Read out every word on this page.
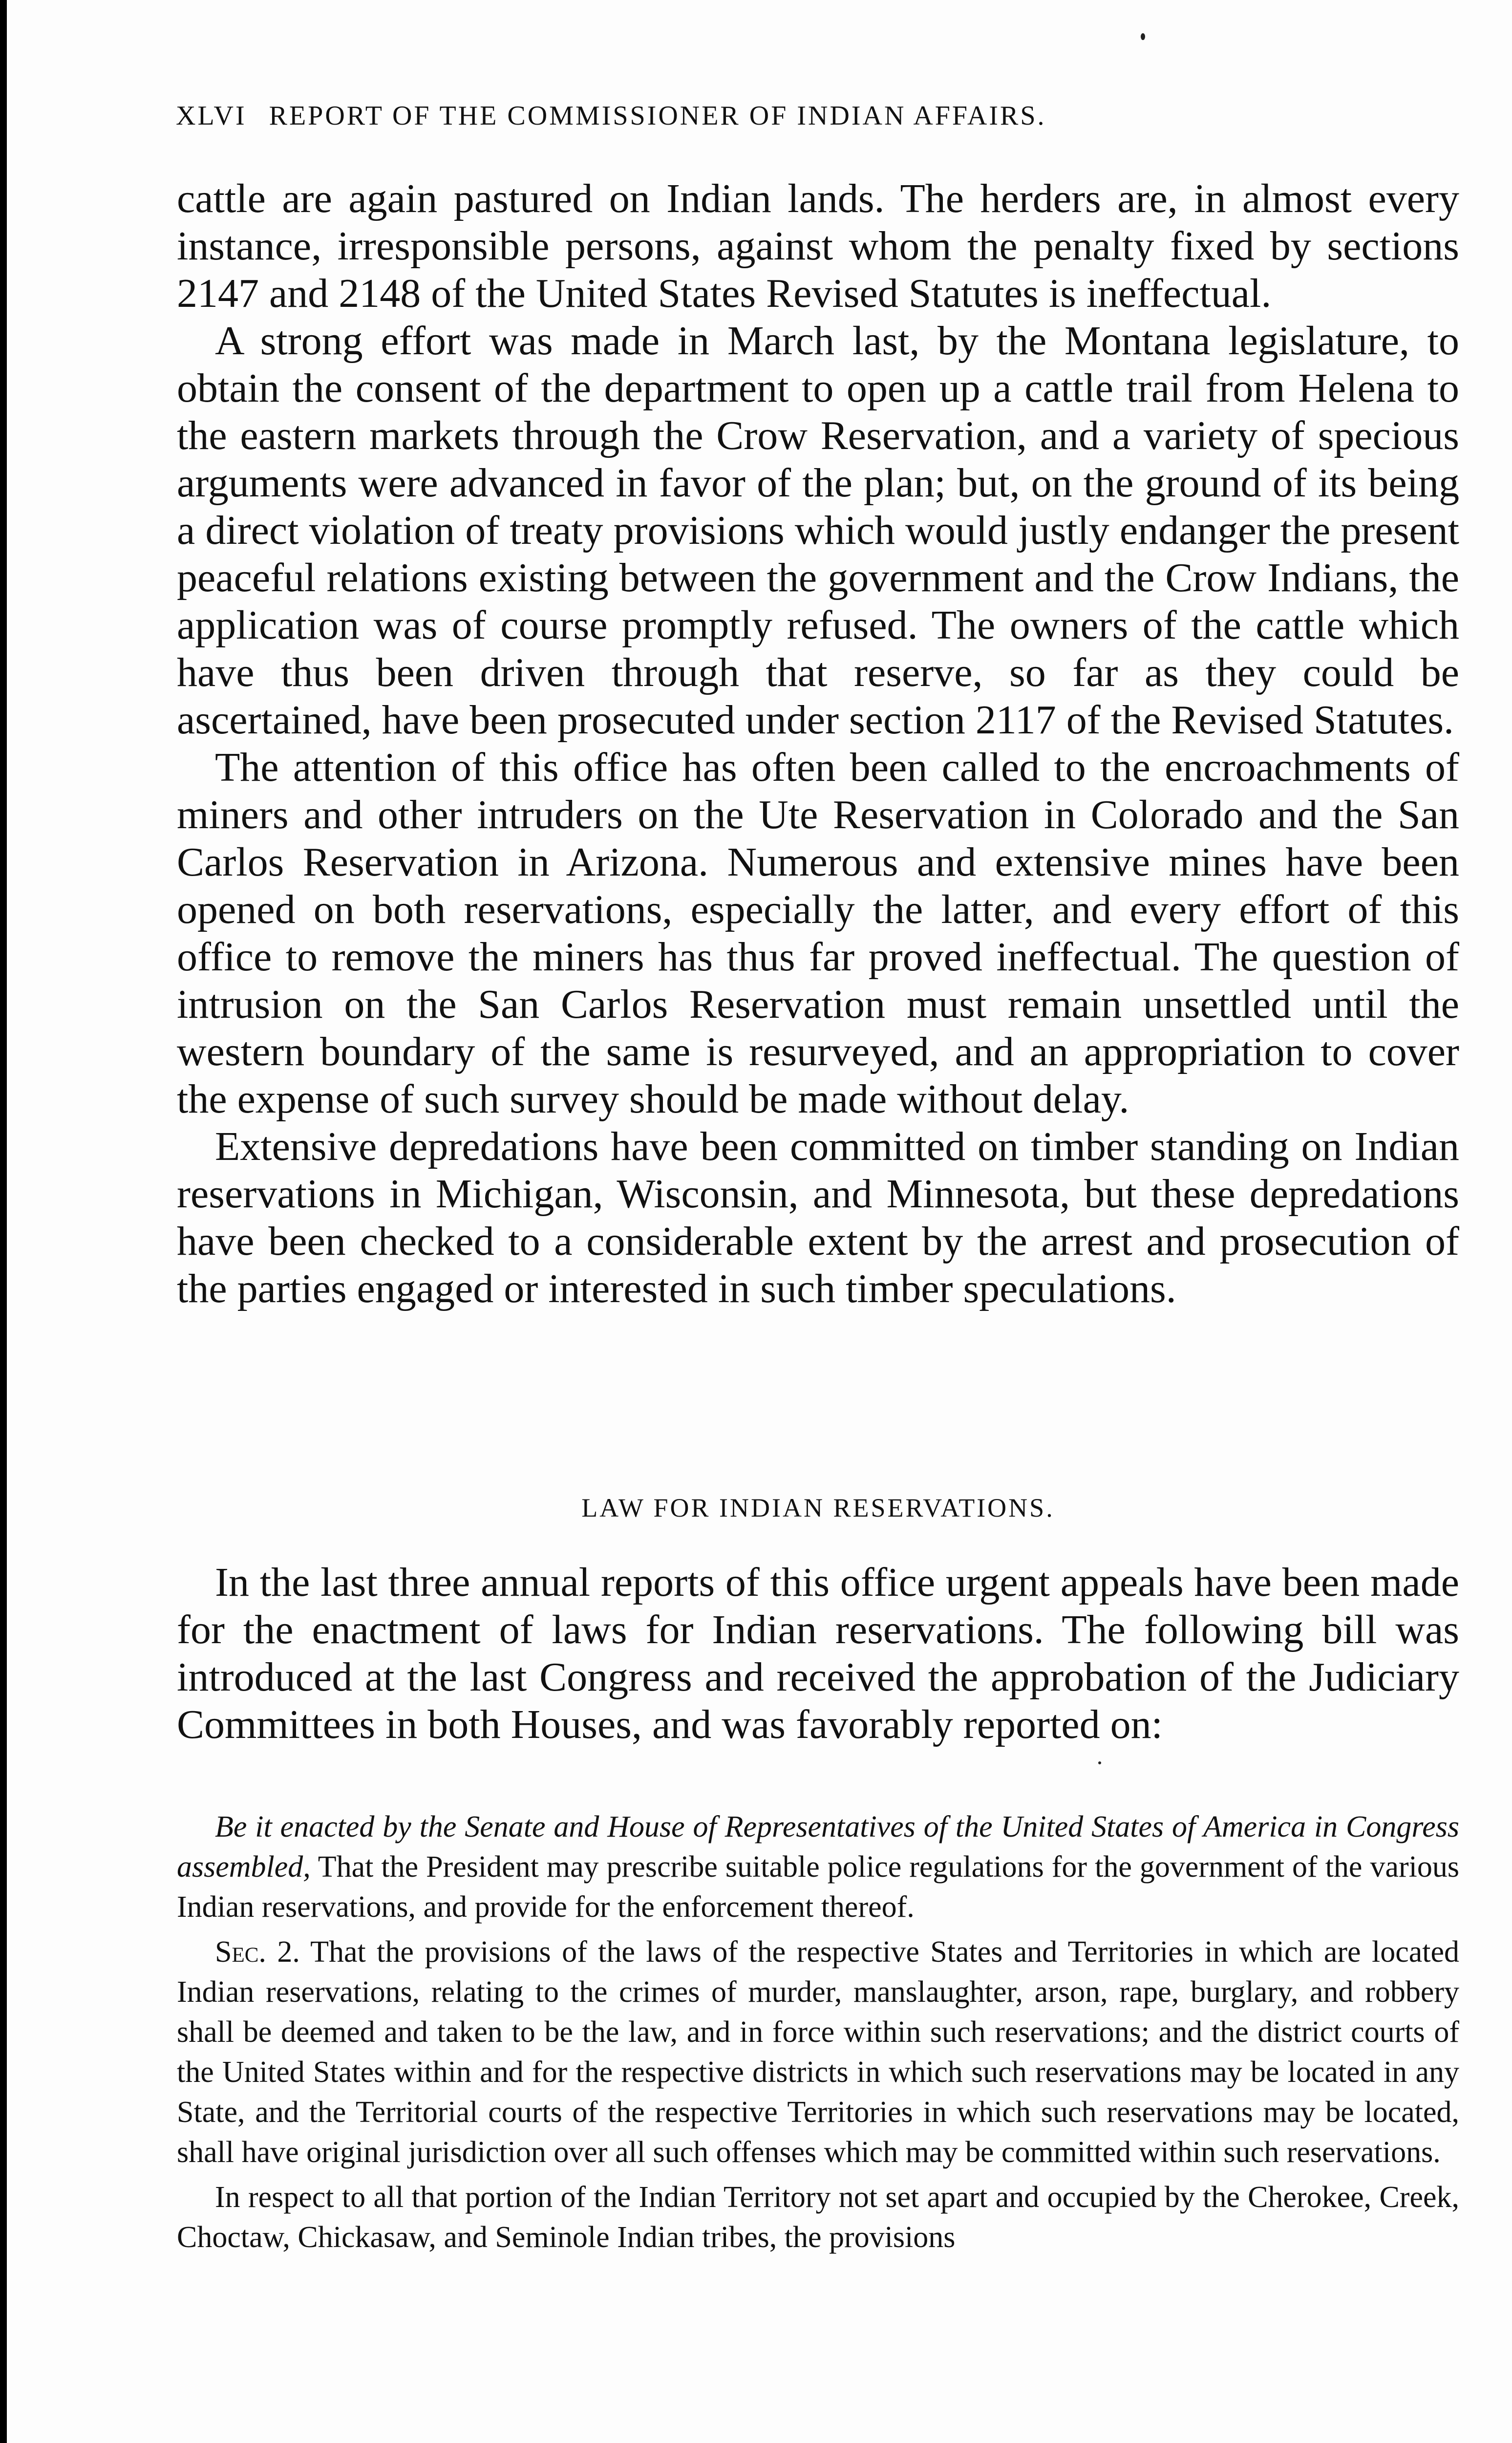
XLVI REPORT OF THE COMMISSIONER OF INDIAN AFFAIRS.

cattle are again pastured on Indian lands. The herders are, in almost every instance, irresponsible persons, against whom the penalty fixed by sections 2147 and 2148 of the United States Revised Statutes is ineffectual.

A strong effort was made in March last, by the Montana legislature, to obtain the consent of the department to open up a cattle trail from Helena to the eastern markets through the Crow Reservation, and a variety of specious arguments were advanced in favor of the plan; but, on the ground of its being a direct violation of treaty provisions which would justly endanger the present peaceful relations existing between the government and the Crow Indians, the application was of course promptly refused. The owners of the cattle which have thus been driven through that reserve, so far as they could be ascertained, have been prosecuted under section 2117 of the Revised Statutes.

The attention of this office has often been called to the encroachments of miners and other intruders on the Ute Reservation in Colorado and the San Carlos Reservation in Arizona. Numerous and extensive mines have been opened on both reservations, especially the latter, and every effort of this office to remove the miners has thus far proved ineffectual. The question of intrusion on the San Carlos Reservation must remain unsettled until the western boundary of the same is resurveyed, and an appropriation to cover the expense of such survey should be made without delay.

Extensive depredations have been committed on timber standing on Indian reservations in Michigan, Wisconsin, and Minnesota, but these depredations have been checked to a considerable extent by the arrest and prosecution of the parties engaged or interested in such timber speculations.

LAW FOR INDIAN RESERVATIONS.

In the last three annual reports of this office urgent appeals have been made for the enactment of laws for Indian reservations. The following bill was introduced at the last Congress and received the approbation of the Judiciary Committees in both Houses, and was favorably reported on:

Be it enacted by the Senate and House of Representatives of the United States of America in Congress assembled, That the President may prescribe suitable police regulations for the government of the various Indian reservations, and provide for the enforcement thereof.

Sec. 2. That the provisions of the laws of the respective States and Territories in which are located Indian reservations, relating to the crimes of murder, manslaughter, arson, rape, burglary, and robbery shall be deemed and taken to be the law, and in force within such reservations; and the district courts of the United States within and for the respective districts in which such reservations may be located in any State, and the Territorial courts of the respective Territories in which such reservations may be located, shall have original jurisdiction over all such offenses which may be committed within such reservations.

In respect to all that portion of the Indian Territory not set apart and occupied by the Cherokee, Creek, Choctaw, Chickasaw, and Seminole Indian tribes, the provisions
